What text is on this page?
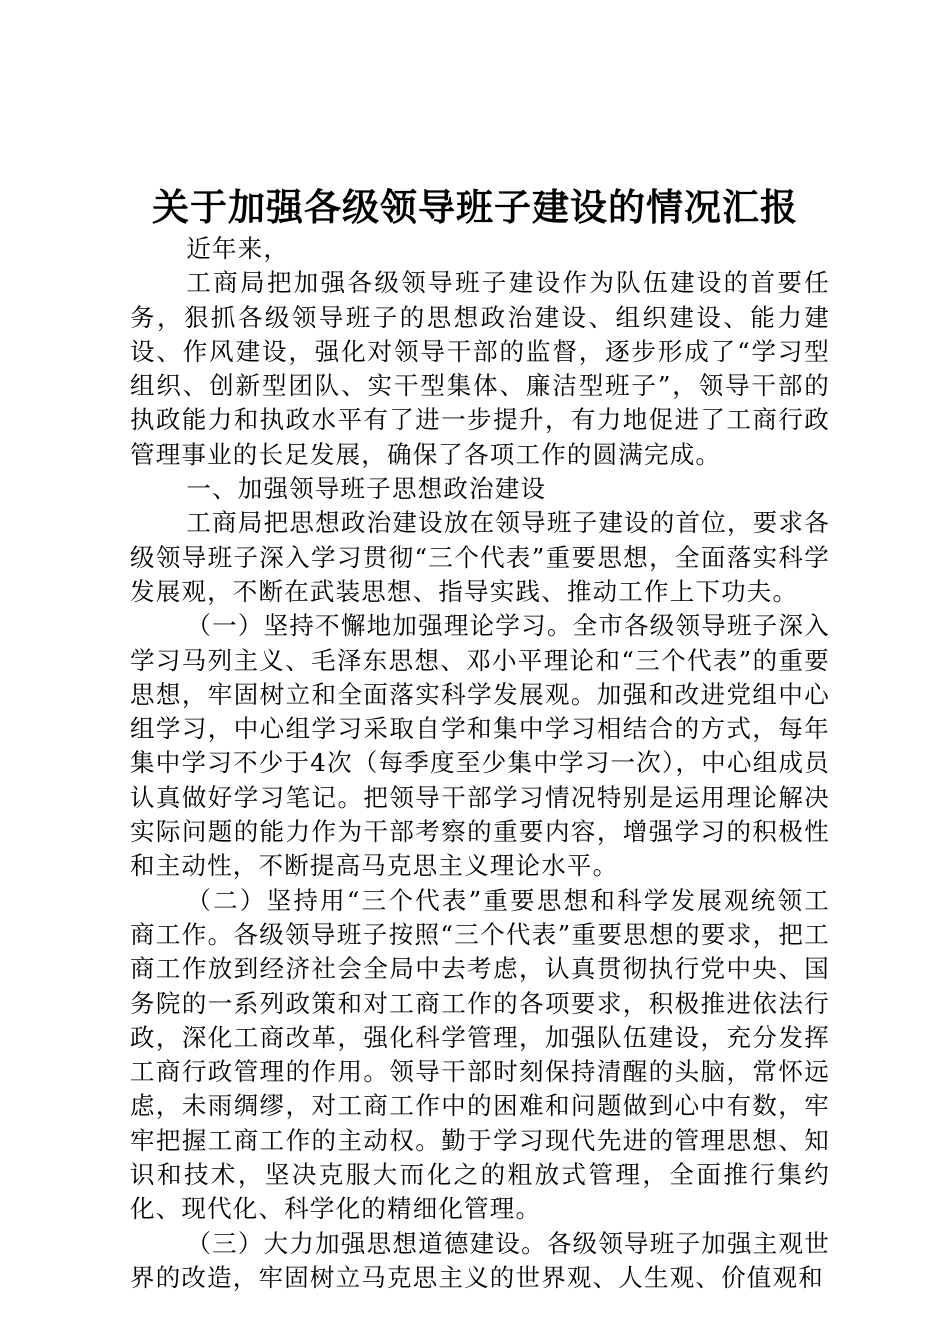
关于加强各级领导班子建设的情况汇报

近年来，

工商局把加强各级领导班子建设作为队伍建设的首要任务，狠抓各级领导班子的思想政治建设、组织建设、能力建设、作风建设，强化对领导干部的监督，逐步形成了“学习型组织、创新型团队、实干型集体、廉洁型班子”，领导干部的执政能力和执政水平有了进一步提升，有力地促进了工商行政管理事业的长足发展，确保了各项工作的圆满完成。

一、加强领导班子思想政治建设

工商局把思想政治建设放在领导班子建设的首位，要求各级领导班子深入学习贯彻“三个代表”重要思想，全面落实科学发展观，不断在武装思想、指导实践、推动工作上下功夫。

（一）坚持不懈地加强理论学习。全市各级领导班子深入学习马列主义、毛泽东思想、邓小平理论和“三个代表”的重要思想，牢固树立和全面落实科学发展观。加强和改进党组中心组学习，中心组学习采取自学和集中学习相结合的方式，每年集中学习不少于4次（每季度至少集中学习一次），中心组成员认真做好学习笔记。把领导干部学习情况特别是运用理论解决实际问题的能力作为干部考察的重要内容，增强学习的积极性和主动性，不断提高马克思主义理论水平。

（二）坚持用“三个代表”重要思想和科学发展观统领工商工作。各级领导班子按照“三个代表”重要思想的要求，把工商工作放到经济社会全局中去考虑，认真贯彻执行党中央、国务院的一系列政策和对工商工作的各项要求，积极推进依法行政，深化工商改革，强化科学管理，加强队伍建设，充分发挥工商行政管理的作用。领导干部时刻保持清醒的头脑，常怀远虑，未雨绸缪，对工商工作中的困难和问题做到心中有数，牢牢把握工商工作的主动权。勤于学习现代先进的管理思想、知识和技术，坚决克服大而化之的粗放式管理，全面推行集约化、现代化、科学化的精细化管理。

（三）大力加强思想道德建设。各级领导班子加强主观世界的改造，牢固树立马克思主义的世界观、人生观、价值观和
